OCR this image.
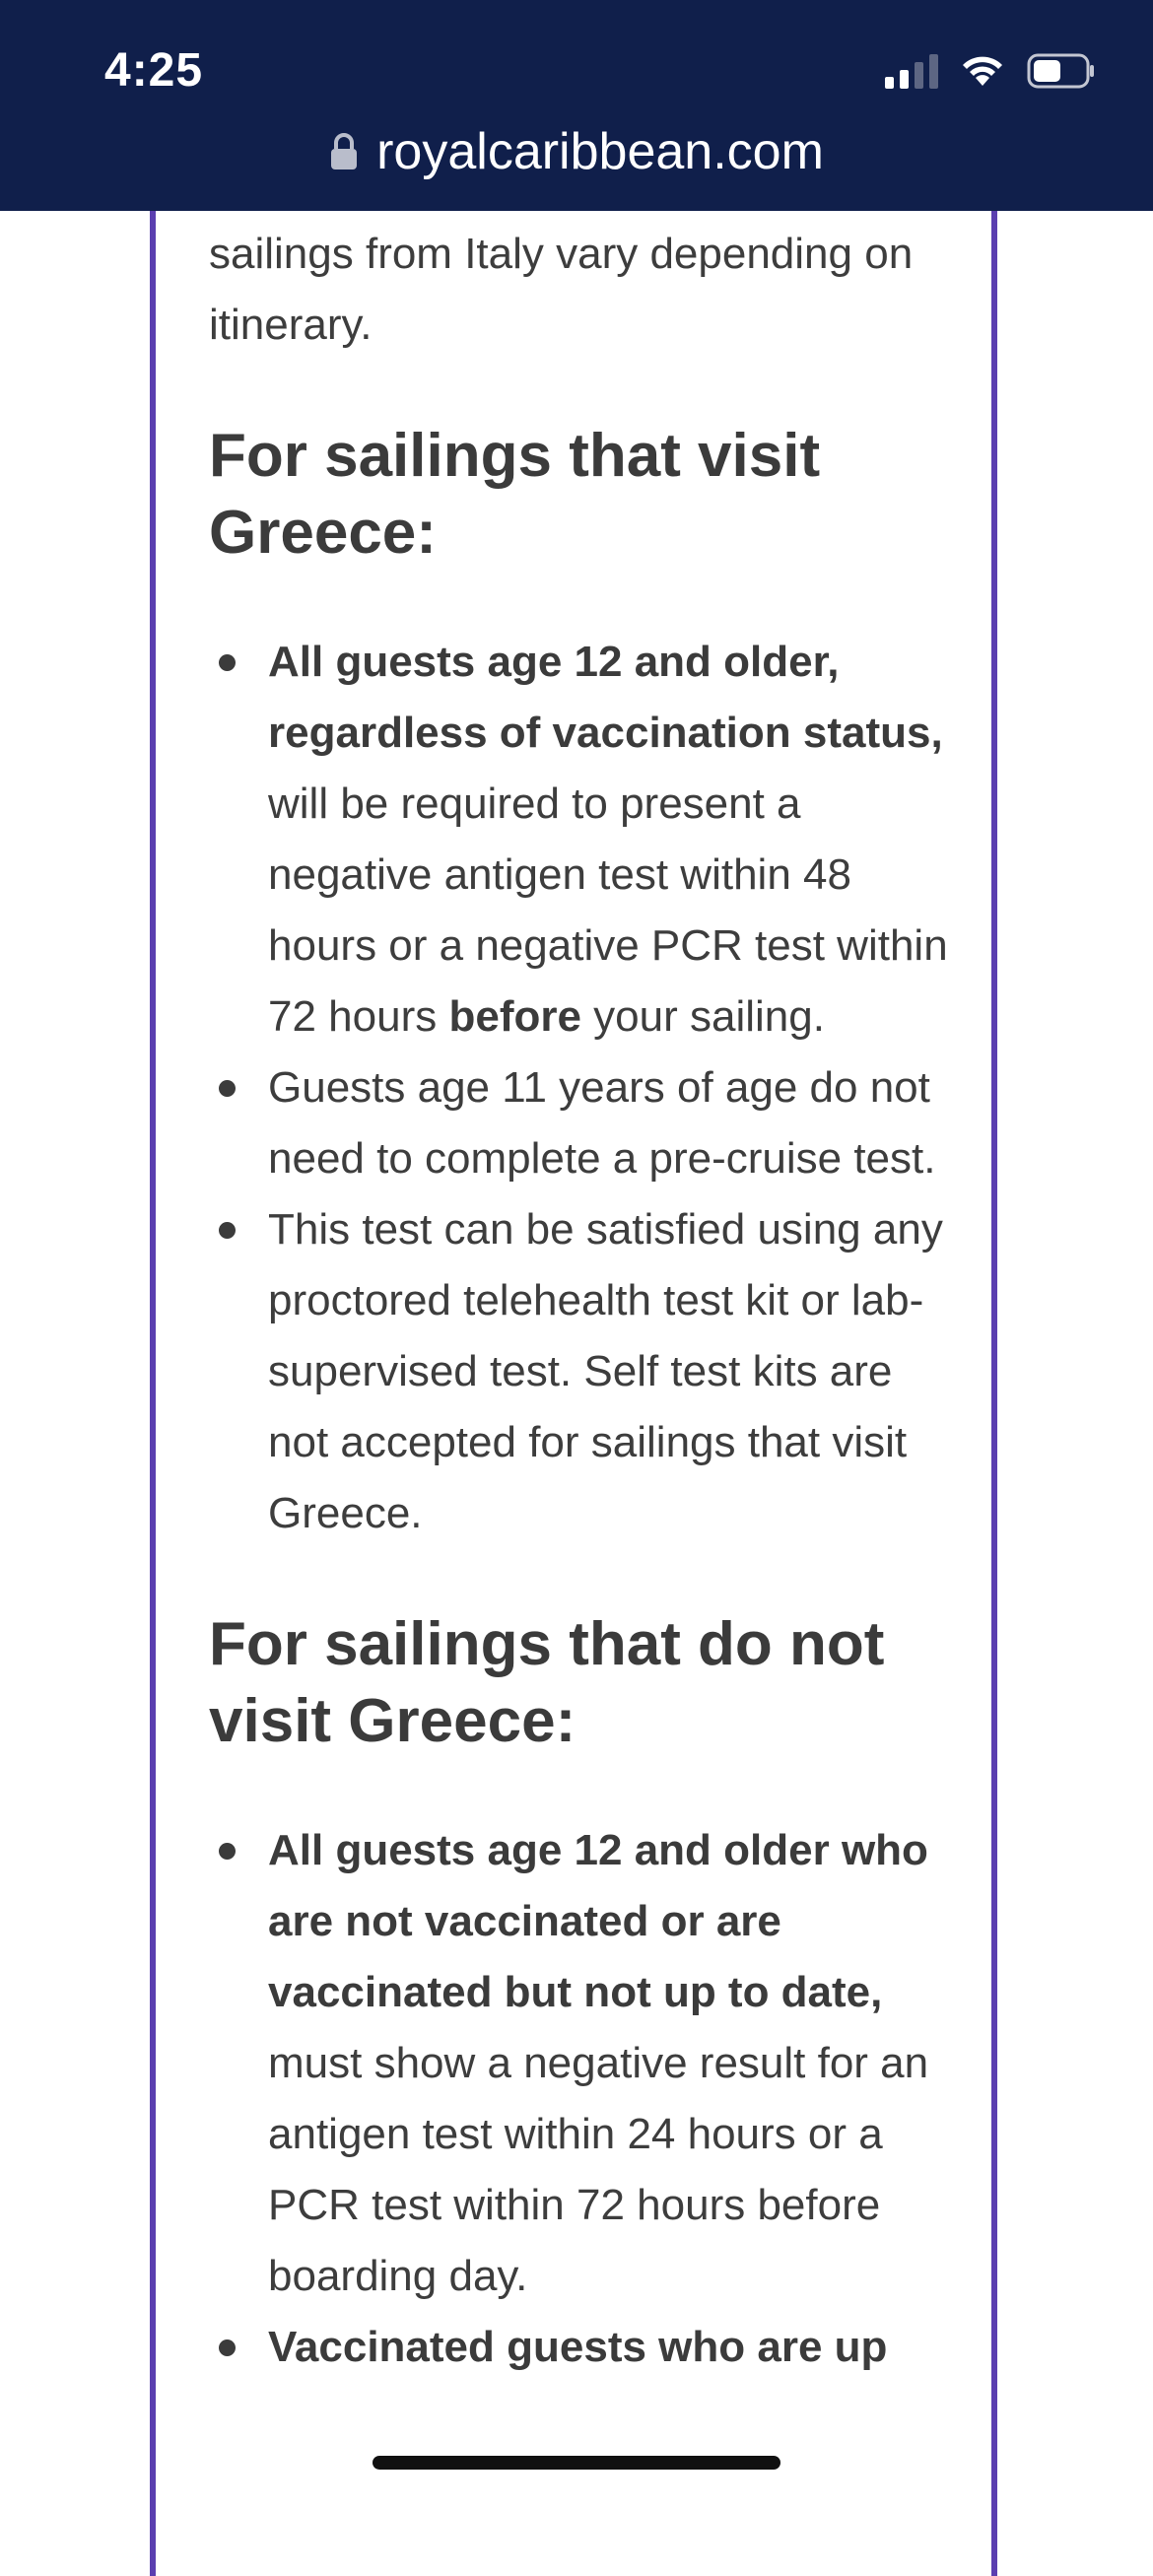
4:25
royalcaribbean.com

sailings from Italy vary depending on itinerary.

For sailings that visit Greece:
All guests age 12 and older, regardless of vaccination status, will be required to present a negative antigen test within 48 hours or a negative PCR test within 72 hours before your sailing.
Guests age 11 years of age do not need to complete a pre-cruise test.
This test can be satisfied using any proctored telehealth test kit or lab-supervised test. Self test kits are not accepted for sailings that visit Greece.
For sailings that do not visit Greece:
All guests age 12 and older who are not vaccinated or are vaccinated but not up to date, must show a negative result for an antigen test within 24 hours or a PCR test within 72 hours before boarding day.
Vaccinated guests who are up
